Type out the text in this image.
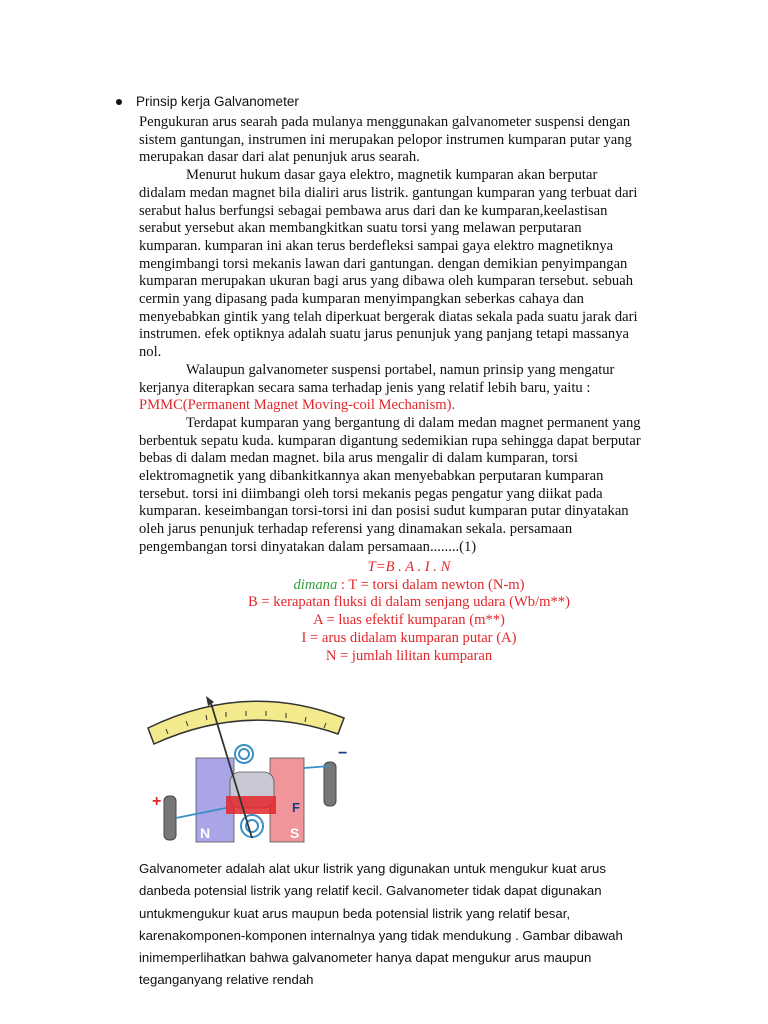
Prinsip kerja Galvanometer
Pengukuran arus searah pada mulanya menggunakan galvanometer suspensi dengan
sistem gantungan, instrumen ini merupakan pelopor instrumen kumparan putar yang
merupakan dasar dari alat penunjuk arus searah.
Menurut hukum dasar gaya elektro, magnetik kumparan akan berputar
didalam medan magnet bila dialiri arus listrik. gantungan kumparan yang terbuat dari
serabut halus berfungsi sebagai pembawa arus dari dan ke kumparan,keelastisan
serabut yersebut akan membangkitkan suatu torsi yang melawan perputaran
kumparan. kumparan ini akan terus berdefleksi sampai gaya elektro magnetiknya
mengimbangi torsi mekanis lawan dari gantungan. dengan demikian penyimpangan
kumparan merupakan ukuran bagi arus yang dibawa oleh kumparan tersebut. sebuah
cermin yang dipasang pada kumparan menyimpangkan seberkas cahaya dan
menyebabkan gintik yang telah diperkuat bergerak diatas sekala pada suatu jarak dari
instrumen. efek optiknya adalah suatu jarus penunjuk yang panjang tetapi massanya
nol.
Walaupun galvanometer suspensi portabel, namun prinsip yang mengatur
kerjanya diterapkan secara sama terhadap jenis yang relatif lebih baru, yaitu :
PMMC(Permanent Magnet Moving-coil Mechanism).
Terdapat kumparan yang bergantung di dalam medan magnet permanent yang
berbentuk sepatu kuda. kumparan digantung sedemikian rupa sehingga dapat berputar
bebas di dalam medan magnet. bila arus mengalir di dalam kumparan, torsi
elektromagnetik yang dibankitkannya akan menyebabkan perputaran kumparan
tersebut. torsi ini diimbangi oleh torsi mekanis pegas pengatur yang diikat pada
kumparan. keseimbangan torsi-torsi ini dan posisi sudut kumparan putar dinyatakan
oleh jarus penunjuk terhadap referensi yang dinamakan sekala. persamaan
pengembangan torsi dinyatakan dalam persamaan........(1)
T=B . A . I . N
dimana : T = torsi dalam newton (N-m)
B = kerapatan fluksi di dalam senjang udara (Wb/m**)
A = luas efektif kumparan (m**)
I = arus didalam kumparan putar (A)
N = jumlah lilitan kumparan
+
−
N	S
F
Galvanometer adalah alat ukur listrik yang digunakan untuk mengukur kuat arus
danbeda potensial listrik yang relatif kecil. Galvanometer tidak dapat digunakan
untukmengukur kuat arus maupun beda potensial listrik yang relatif besar,
karenakomponen-komponen internalnya yang tidak mendukung . Gambar dibawah
inimemperlihatkan bahwa galvanometer hanya dapat mengukur arus maupun
teganganyang relative rendah
